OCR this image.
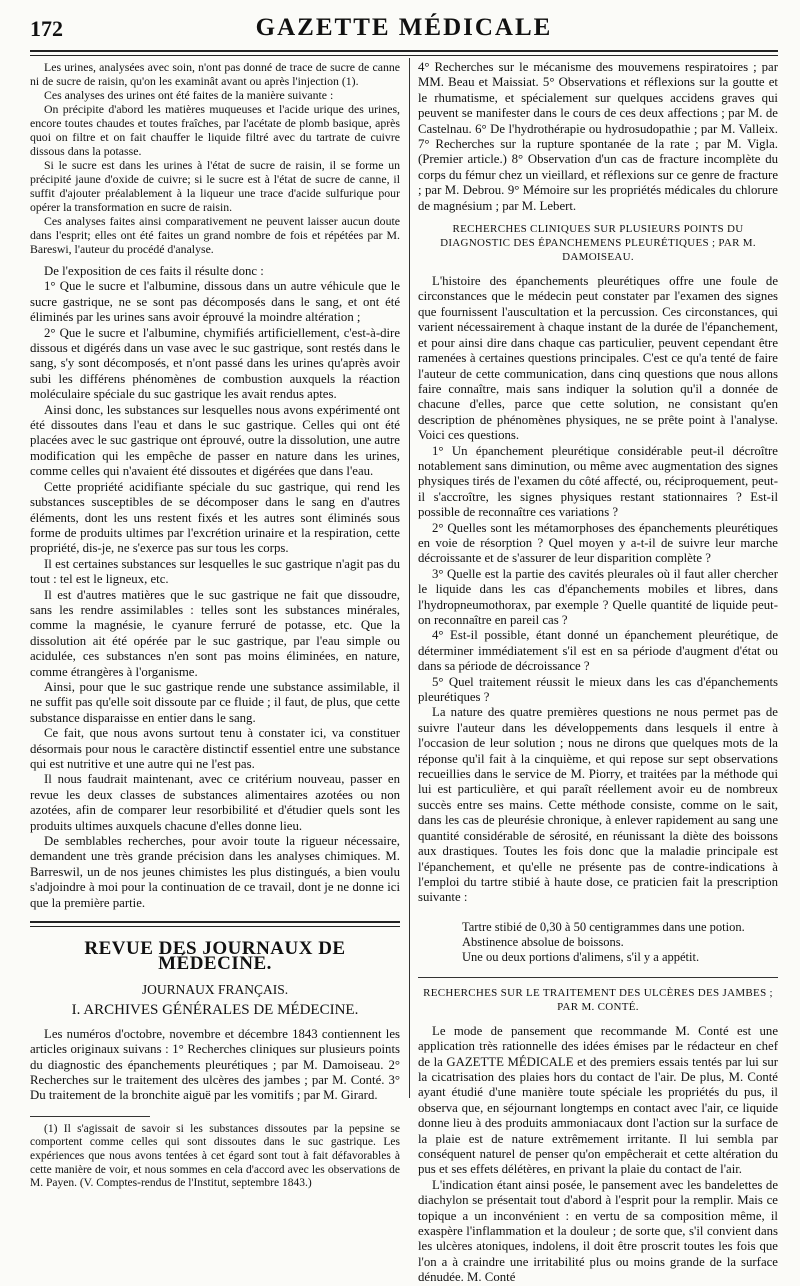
172	GAZETTE MÉDICALE

Les urines, analysées avec soin, n'ont pas donné de trace de sucre de canne ni de sucre de raisin, qu'on les examinât avant ou après l'injection (1).

Ces analyses des urines ont été faites de la manière suivante :

On précipite d'abord les matières muqueuses et l'acide urique des urines, encore toutes chaudes et toutes fraîches, par l'acétate de plomb basique, après quoi on filtre et on fait chauffer le liquide filtré avec du tartrate de cuivre dissous dans la potasse.

Si le sucre est dans les urines à l'état de sucre de raisin, il se forme un précipité jaune d'oxide de cuivre; si le sucre est à l'état de sucre de canne, il suffit d'ajouter préalablement à la liqueur une trace d'acide sulfurique pour opérer la transformation en sucre de raisin.

Ces analyses faites ainsi comparativement ne peuvent laisser aucun doute dans l'esprit; elles ont été faites un grand nombre de fois et répétées par M. Bareswi, l'auteur du procédé d'analyse.

De l'exposition de ces faits il résulte donc :

1° Que le sucre et l'albumine, dissous dans un autre véhicule que le sucre gastrique, ne se sont pas décomposés dans le sang, et ont été éliminés par les urines sans avoir éprouvé la moindre altération ;

2° Que le sucre et l'albumine, chymifiés artificiellement, c'est-à-dire dissous et digérés dans un vase avec le suc gastrique, sont restés dans le sang, s'y sont décomposés, et n'ont passé dans les urines qu'après avoir subi les différens phénomènes de combustion auxquels la réaction moléculaire spéciale du suc gastrique les avait rendus aptes.

Ainsi donc, les substances sur lesquelles nous avons expérimenté ont été dissoutes dans l'eau et dans le suc gastrique. Celles qui ont été placées avec le suc gastrique ont éprouvé, outre la dissolution, une autre modification qui les empêche de passer en nature dans les urines, comme celles qui n'avaient été dissoutes et digérées que dans l'eau.

Cette propriété acidifiante spéciale du suc gastrique, qui rend les substances susceptibles de se décomposer dans le sang en d'autres éléments, dont les uns restent fixés et les autres sont éliminés sous forme de produits ultimes par l'excrétion urinaire et la respiration, cette propriété, dis-je, ne s'exerce pas sur tous les corps.

Il est certaines substances sur lesquelles le suc gastrique n'agit pas du tout : tel est le ligneux, etc.

Il est d'autres matières que le suc gastrique ne fait que dissoudre, sans les rendre assimilables : telles sont les substances minérales, comme la magnésie, le cyanure ferruré de potasse, etc. Que la dissolution ait été opérée par le suc gastrique, par l'eau simple ou acidulée, ces substances n'en sont pas moins éliminées, en nature, comme étrangères à l'organisme.

Ainsi, pour que le suc gastrique rende une substance assimilable, il ne suffit pas qu'elle soit dissoute par ce fluide ; il faut, de plus, que cette substance disparaisse en entier dans le sang.

Ce fait, que nous avons surtout tenu à constater ici, va constituer désormais pour nous le caractère distinctif essentiel entre une substance qui est nutritive et une autre qui ne l'est pas.

Il nous faudrait maintenant, avec ce critérium nouveau, passer en revue les deux classes de substances alimentaires azotées ou non azotées, afin de comparer leur resorbibilité et d'étudier quels sont les produits ultimes auxquels chacune d'elles donne lieu.

De semblables recherches, pour avoir toute la rigueur nécessaire, demandent une très grande précision dans les analyses chimiques. M. Barreswil, un de nos jeunes chimistes les plus distingués, a bien voulu s'adjoindre à moi pour la continuation de ce travail, dont je ne donne ici que la première partie.

REVUE DES JOURNAUX DE MÉDECINE.
JOURNAUX FRANÇAIS.
I. ARCHIVES GÉNÉRALES DE MÉDECINE.

Les numéros d'octobre, novembre et décembre 1843 contiennent les articles originaux suivans : 1° Recherches cliniques sur plusieurs points du diagnostic des épanchements pleurétiques ; par M. Damoiseau. 2° Recherches sur le traitement des ulcères des jambes ; par M. Conté. 3° Du traitement de la bronchite aiguë par les vomitifs ; par M. Girard.

(1) Il s'agissait de savoir si les substances dissoutes par la pepsine se comportent comme celles qui sont dissoutes dans le suc gastrique. Les expériences que nous avons tentées à cet égard sont tout à fait défavorables à cette manière de voir, et nous sommes en cela d'accord avec les observations de M. Payen. (V. Comptes-rendus de l'Institut, septembre 1843.)

4° Recherches sur le mécanisme des mouvemens respiratoires ; par MM. Beau et Maissiat. 5° Observations et réflexions sur la goutte et le rhumatisme, et spécialement sur quelques accidens graves qui peuvent se manifester dans le cours de ces deux affections ; par M. de Castelnau. 6° De l'hydrothérapie ou hydrosudopathie ; par M. Valleix. 7° Recherches sur la rupture spontanée de la rate ; par M. Vigla. (Premier article.) 8° Observation d'un cas de fracture incomplète du corps du fémur chez un vieillard, et réflexions sur ce genre de fracture ; par M. Debrou. 9° Mémoire sur les propriétés médicales du chlorure de magnésium ; par M. Lebert.

RECHERCHES CLINIQUES SUR PLUSIEURS POINTS DU DIAGNOSTIC DES ÉPANCHEMENS PLEURÉTIQUES ; PAR M. DAMOISEAU.

L'histoire des épanchements pleurétiques offre une foule de circonstances que le médecin peut constater par l'examen des signes que fournissent l'auscultation et la percussion. Ces circonstances, qui varient nécessairement à chaque instant de la durée de l'épanchement, et pour ainsi dire dans chaque cas particulier, peuvent cependant être ramenées à certaines questions principales. C'est ce qu'a tenté de faire l'auteur de cette communication, dans cinq questions que nous allons faire connaître, mais sans indiquer la solution qu'il a donnée de chacune d'elles, parce que cette solution, ne consistant qu'en description de phénomènes physiques, ne se prête point à l'analyse. Voici ces questions.

1° Un épanchement pleurétique considérable peut-il décroître notablement sans diminution, ou même avec augmentation des signes physiques tirés de l'examen du côté affecté, ou, réciproquement, peut-il s'accroître, les signes physiques restant stationnaires ? Est-il possible de reconnaître ces variations ?

2° Quelles sont les métamorphoses des épanchements pleurétiques en voie de résorption ? Quel moyen y a-t-il de suivre leur marche décroissante et de s'assurer de leur disparition complète ?

3° Quelle est la partie des cavités pleurales où il faut aller chercher le liquide dans les cas d'épanchements mobiles et libres, dans l'hydropneumothorax, par exemple ? Quelle quantité de liquide peut-on reconnaître en pareil cas ?

4° Est-il possible, étant donné un épanchement pleurétique, de déterminer immédiatement s'il est en sa période d'augment d'état ou dans sa période de décroissance ?

5° Quel traitement réussit le mieux dans les cas d'épanchements pleurétiques ?

La nature des quatre premières questions ne nous permet pas de suivre l'auteur dans les développements dans lesquels il entre à l'occasion de leur solution ; nous ne dirons que quelques mots de la réponse qu'il fait à la cinquième, et qui repose sur sept observations recueillies dans le service de M. Piorry, et traitées par la méthode qui lui est particulière, et qui paraît réellement avoir eu de nombreux succès entre ses mains. Cette méthode consiste, comme on le sait, dans les cas de pleurésie chronique, à enlever rapidement au sang une quantité considérable de sérosité, en réunissant la diète des boissons aux drastiques. Toutes les fois donc que la maladie principale est l'épanchement, et qu'elle ne présente pas de contre-indications à l'emploi du tartre stibié à haute dose, ce praticien fait la prescription suivante :

Tartre stibié de 0,30 à 50 centigrammes dans une potion.
Abstinence absolue de boissons.
Une ou deux portions d'alimens, s'il y a appétit.
RECHERCHES SUR LE TRAITEMENT DES ULCÈRES DES JAMBES ; PAR M. CONTÉ.

Le mode de pansement que recommande M. Conté est une application très rationnelle des idées émises par le rédacteur en chef de la GAZETTE MÉDICALE et des premiers essais tentés par lui sur la cicatrisation des plaies hors du contact de l'air. De plus, M. Conté ayant étudié d'une manière toute spéciale les propriétés du pus, il observa que, en séjournant longtemps en contact avec l'air, ce liquide donne lieu à des produits ammoniacaux dont l'action sur la surface de la plaie est de nature extrêmement irritante. Il lui sembla par conséquent naturel de penser qu'on empêcherait et cette altération du pus et ses effets délétères, en privant la plaie du contact de l'air.

L'indication étant ainsi posée, le pansement avec les bandelettes de diachylon se présentait tout d'abord à l'esprit pour la remplir. Mais ce topique a un inconvénient : en vertu de sa composition même, il exaspère l'inflammation et la douleur ; de sorte que, s'il convient dans les ulcères atoniques, indolens, il doit être proscrit toutes les fois que l'on a à craindre une irritabilité plus ou moins grande de la surface dénudée. M. Conté
